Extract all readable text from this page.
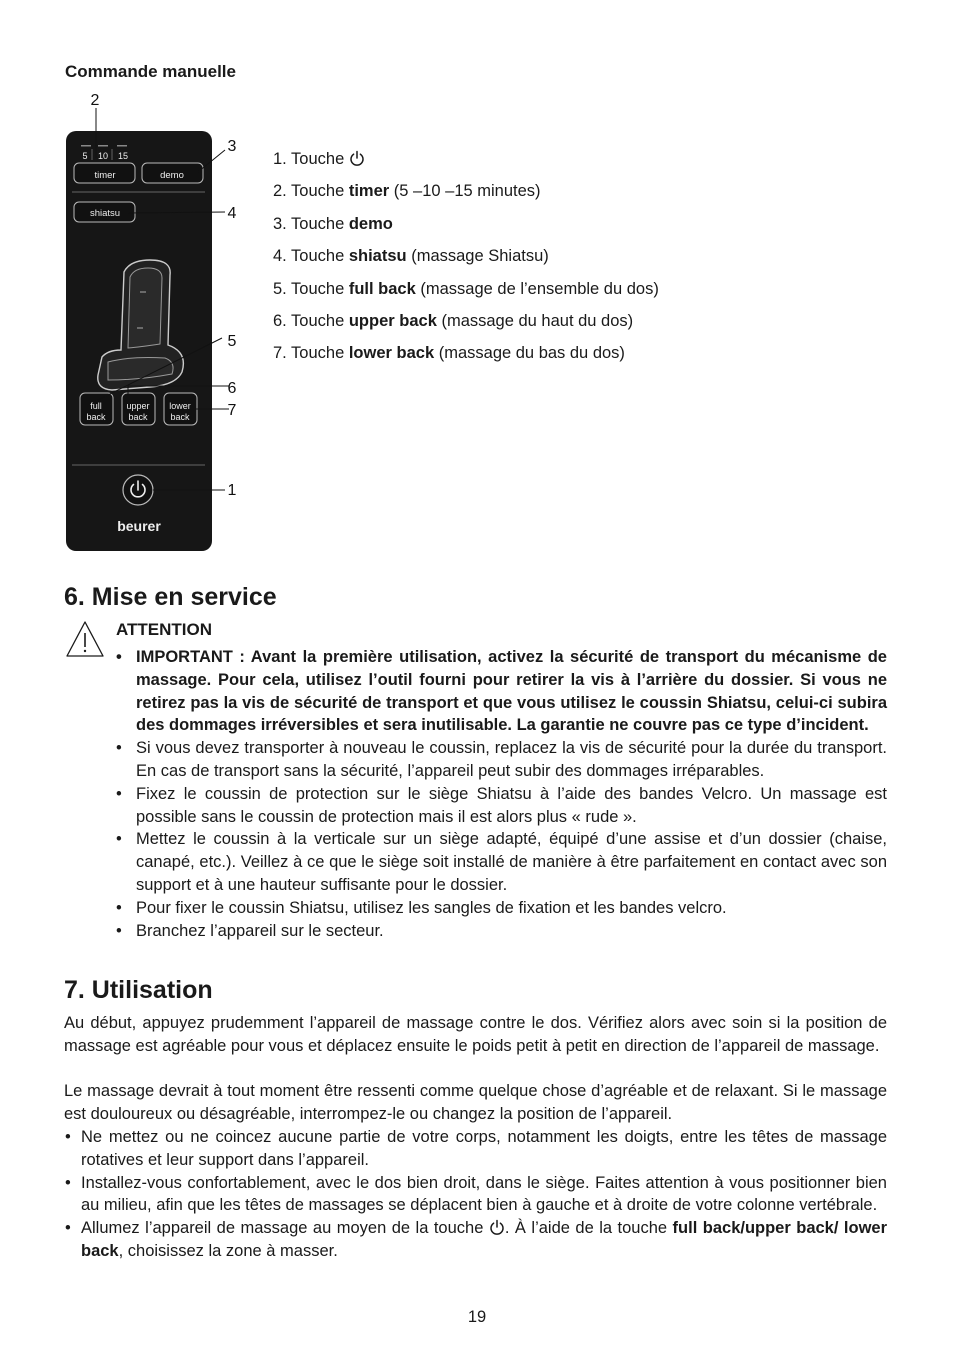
Commande manuelle
5 10 15
timer	demo
shiatsu
full
back
upper
back
lower
back
beurer
2
3
4
5
6
7
1
1. Touche
2. Touche timer (5 –10 –15 minutes)
3. Touche demo
4. Touche shiatsu (massage Shiatsu)
5. Touche full back (massage de l’ensemble du dos)
6. Touche upper back (massage du haut du dos)
7. Touche lower back (massage du bas du dos)
6. Mise en service
ATTENTION
• IMPORTANT : Avant la première utilisation, activez la sécurité de transport du mécanisme de massage. Pour cela, utilisez l’outil fourni pour retirer la vis à l’arrière du dossier. Si vous ne retirez pas la vis de sécurité de transport et que vous utilisez le coussin Shiatsu, celui-ci subira des dommages irréversibles et sera inutilisable. La garantie ne couvre pas ce type d’incident.
• Si vous devez transporter à nouveau le coussin, replacez la vis de sécurité pour la durée du transport. En cas de transport sans la sécurité, l’appareil peut subir des dommages irréparables.
• Fixez le coussin de protection sur le siège Shiatsu à l’aide des bandes Velcro. Un massage est possible sans le coussin de protection mais il est alors plus « rude ».
• Mettez le coussin à la verticale sur un siège adapté, équipé d’une assise et d’un dossier (chaise, canapé, etc.). Veillez à ce que le siège soit installé de manière à être parfaitement en contact avec son support et à une hauteur suffisante pour le dossier.
• Pour fixer le coussin Shiatsu, utilisez les sangles de fixation et les bandes velcro.
• Branchez l’appareil sur le secteur.
7. Utilisation

Au début, appuyez prudemment l’appareil de massage contre le dos. Vérifiez alors avec soin si la position de massage est agréable pour vous et déplacez ensuite le poids petit à petit en direction de l’appareil de massage.

Le massage devrait à tout moment être ressenti comme quelque chose d’agréable et de relaxant. Si le massage est douloureux ou désagréable, interrompez-le ou changez la position de l’appareil.

• Ne mettez ou ne coincez aucune partie de votre corps, notamment les doigts, entre les têtes de massage rotatives et leur support dans l’appareil.
• Installez-vous confortablement, avec le dos bien droit, dans le siège. Faites attention à vous positionner bien au milieu, afin que les têtes de massages se déplacent bien à gauche et à droite de votre colonne vertébrale.
• Allumez l’appareil de massage au moyen de la touche . À l’aide de la touche full back/upper back/ lower back, choisissez la zone à masser.
19
